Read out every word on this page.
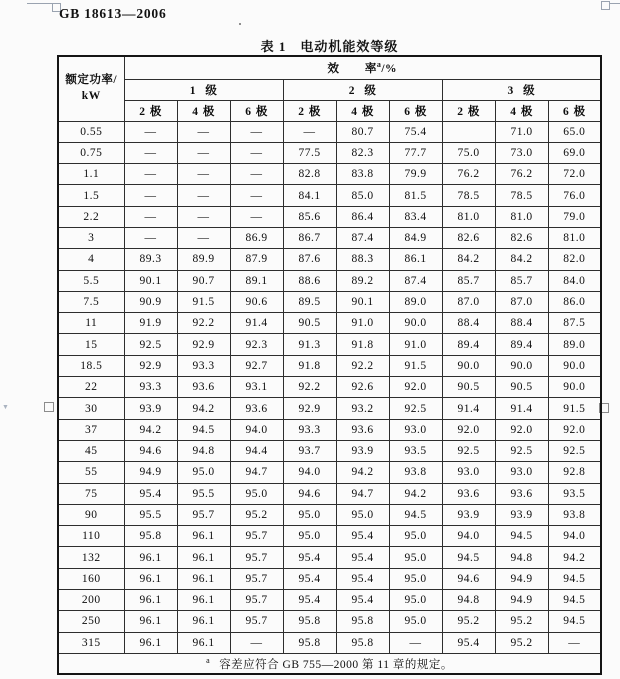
▼
GB 18613—2006
表 1　电动机能效等级
额定功率/
kW	效 率$^a$/%								
	1 级			2 级			3 级		
	2 极	4 极	6 极	2 极	4 极	6 极	2 极	4 极	6 极
0.55	—	—	—	—	80.7	75.4		71.0	65.0
0.75	—	—	—	77.5	82.3	77.7	75.0	73.0	69.0
1.1	—	—	—	82.8	83.8	79.9	76.2	76.2	72.0
1.5	—	—	—	84.1	85.0	81.5	78.5	78.5	76.0
2.2	—	—	—	85.6	86.4	83.4	81.0	81.0	79.0
3	—	—	86.9	86.7	87.4	84.9	82.6	82.6	81.0
4	89.3	89.9	87.9	87.6	88.3	86.1	84.2	84.2	82.0
5.5	90.1	90.7	89.1	88.6	89.2	87.4	85.7	85.7	84.0
7.5	90.9	91.5	90.6	89.5	90.1	89.0	87.0	87.0	86.0
11	91.9	92.2	91.4	90.5	91.0	90.0	88.4	88.4	87.5
15	92.5	92.9	92.3	91.3	91.8	91.0	89.4	89.4	89.0
18.5	92.9	93.3	92.7	91.8	92.2	91.5	90.0	90.0	90.0
22	93.3	93.6	93.1	92.2	92.6	92.0	90.5	90.5	90.0
30	93.9	94.2	93.6	92.9	93.2	92.5	91.4	91.4	91.5
37	94.2	94.5	94.0	93.3	93.6	93.0	92.0	92.0	92.0
45	94.6	94.8	94.4	93.7	93.9	93.5	92.5	92.5	92.5
55	94.9	95.0	94.7	94.0	94.2	93.8	93.0	93.0	92.8
75	95.4	95.5	95.0	94.6	94.7	94.2	93.6	93.6	93.5
90	95.5	95.7	95.2	95.0	95.0	94.5	93.9	93.9	93.8
110	95.8	96.1	95.7	95.0	95.4	95.0	94.0	94.5	94.0
132	96.1	96.1	95.7	95.4	95.4	95.0	94.5	94.8	94.2
160	96.1	96.1	95.7	95.4	95.4	95.0	94.6	94.9	94.5
200	96.1	96.1	95.7	95.4	95.4	95.0	94.8	94.9	94.5
250	96.1	96.1	95.7	95.8	95.8	95.0	95.2	95.2	94.5
315	96.1	96.1	—	95.8	95.8	—	95.4	95.2	—
$^a$ 容差应符合 GB 755—2000 第 11 章的规定。									
